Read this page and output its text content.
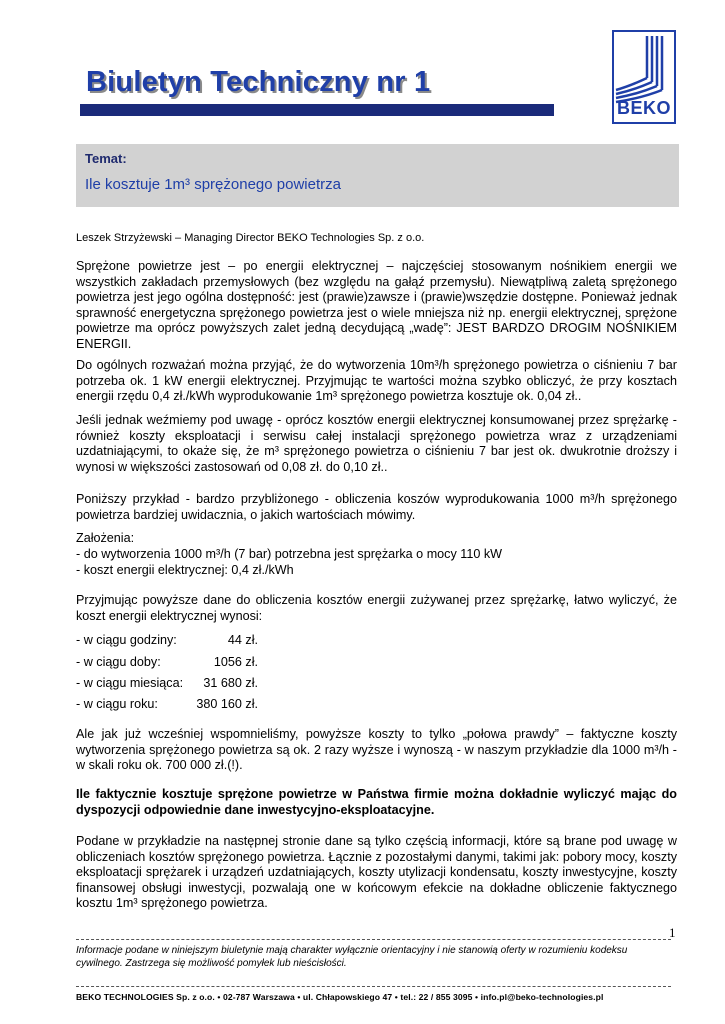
Biuletyn Techniczny nr 1
BEKO
Temat:
Ile kosztuje 1m³ sprężonego powietrza

Leszek Strzyżewski – Managing Director BEKO Technologies Sp. z o.o.

Sprężone powietrze jest – po energii elektrycznej – najczęściej stosowanym nośnikiem energii we wszystkich zakładach przemysłowych (bez względu na gałąź przemysłu). Niewątpliwą zaletą sprężonego powietrza jest jego ogólna dostępność: jest (prawie)zawsze i (prawie)wszędzie dostępne. Ponieważ jednak sprawność energetyczna sprężonego powietrza jest o wiele mniejsza niż np. energii elektrycznej, sprężone powietrze ma oprócz powyższych zalet jedną decydującą „wadę”: JEST BARDZO DROGIM NOŚNIKIEM ENERGII.

Do ogólnych rozważań można przyjąć, że do wytworzenia 10m³/h sprężonego powietrza o ciśnieniu 7 bar potrzeba ok. 1 kW energii elektrycznej. Przyjmując te wartości można szybko obliczyć, że przy kosztach energii rzędu 0,4 zł./kWh wyprodukowanie 1m³ sprężonego powietrza kosztuje ok. 0,04 zł..

Jeśli jednak weźmiemy pod uwagę - oprócz kosztów energii elektrycznej konsumowanej przez sprężarkę - również koszty eksploatacji i serwisu całej instalacji sprężonego powietrza wraz z urządzeniami uzdatniającymi, to okaże się, że m³ sprężonego powietrza o ciśnieniu 7 bar jest ok. dwukrotnie droższy i wynosi w większości zastosowań od 0,08 zł. do 0,10 zł..

Poniższy przykład - bardzo przybliżonego - obliczenia koszów wyprodukowania 1000 m³/h sprężonego powietrza bardziej uwidacznia, o jakich wartościach mówimy.

Założenia:

- do wytworzenia 1000 m³/h (7 bar) potrzebna jest sprężarka o mocy 110 kW

- koszt energii elektrycznej: 0,4 zł./kWh

Przyjmując powyższe dane do obliczenia kosztów energii zużywanej przez sprężarkę, łatwo wyliczyć, że koszt energii elektrycznej wynosi:

- w ciągu godziny:	44 zł.
- w ciągu doby:	1056 zł.
- w ciągu miesiąca: 31 680 zł.
- w ciągu roku:	380 160 zł.

Ale jak już wcześniej wspomnieliśmy, powyższe koszty to tylko „połowa prawdy” – faktyczne koszty wytworzenia sprężonego powietrza są ok. 2 razy wyższe i wynoszą - w naszym przykładzie dla 1000 m³/h - w skali roku ok. 700 000 zł.(!).

Ile faktycznie kosztuje sprężone powietrze w Państwa firmie można dokładnie wyliczyć mając do dyspozycji odpowiednie dane inwestycyjno-eksploatacyjne.

Podane w przykładzie na następnej stronie dane są tylko częścią informacji, które są brane pod uwagę w obliczeniach kosztów sprężonego powietrza. Łącznie z pozostałymi danymi, takimi jak: pobory mocy, koszty eksploatacji sprężarek i urządzeń uzdatniających, koszty utylizacji kondensatu, koszty inwestycyjne, koszty finansowej obsługi inwestycji, pozwalają one w końcowym efekcie na dokładne obliczenie faktycznego kosztu 1m³ sprężonego powietrza.

1

Informacje podane w niniejszym biuletynie mają charakter wyłącznie orientacyjny i nie stanowią oferty w rozumieniu kodeksu cywilnego. Zastrzega się możliwość pomyłek lub nieścisłości.

BEKO TECHNOLOGIES Sp. z o.o. • 02-787 Warszawa • ul. Chłapowskiego 47 • tel.: 22 / 855 3095 • info.pl@beko-technologies.pl
